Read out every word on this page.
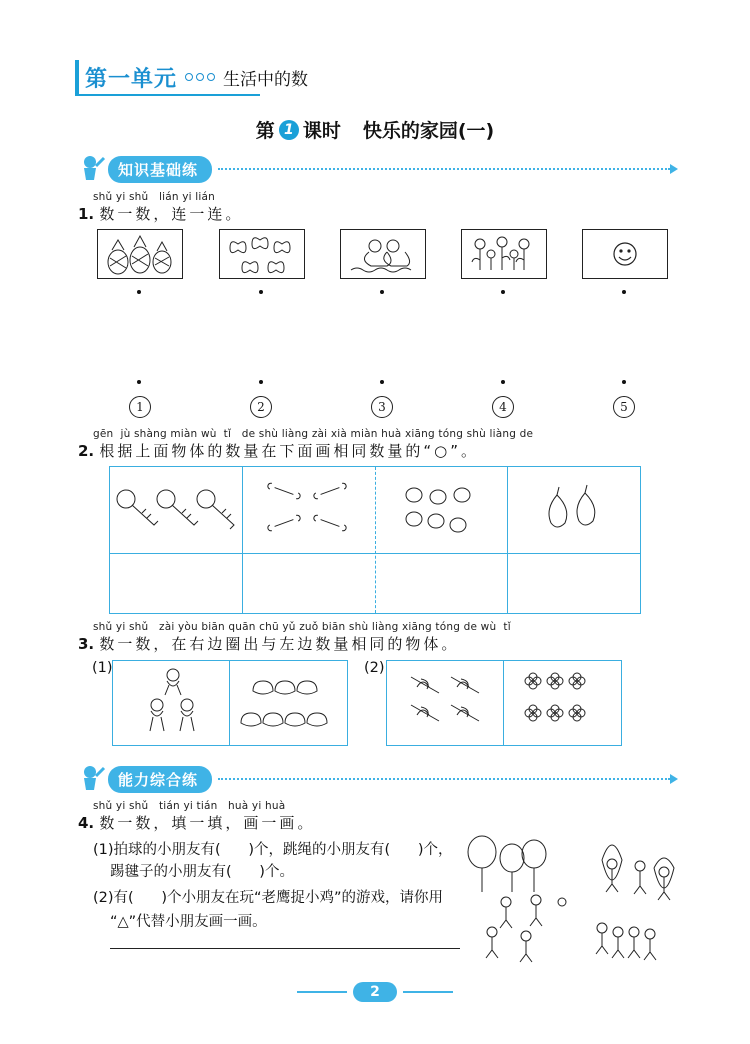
第一单元	生活中的数
第 1 课时 快乐的家园(一)
知识基础练
shǔ yi shǔ   lián yi lián
1. 数一数，连一连。
1	2	3	4	5
gēn  jù shàng miàn wù  tǐ   de shù liàng zài xià miàn huà xiāng tóng shù liàng de
2. 根据上面物体的数量在下面画相同数量的“○”。
shǔ yi shǔ   zài yòu biān quān chū yǔ zuǒ biān shù liàng xiāng tóng de wù  tǐ
3. 数一数，在右边圈出与左边数量相同的物体。
(1)	(2)
能力综合练
shǔ yi shǔ   tián yi tián   huà yi huà
4. 数一数，填一填，画一画。
(1)拍球的小朋友有(      )个，跳绳的小朋友有(      )个，
踢毽子的小朋友有(      )个。
(2)有(      )个小朋友在玩“老鹰捉小鸡”的游戏，请你用
“△”代替小朋友画一画。
2
